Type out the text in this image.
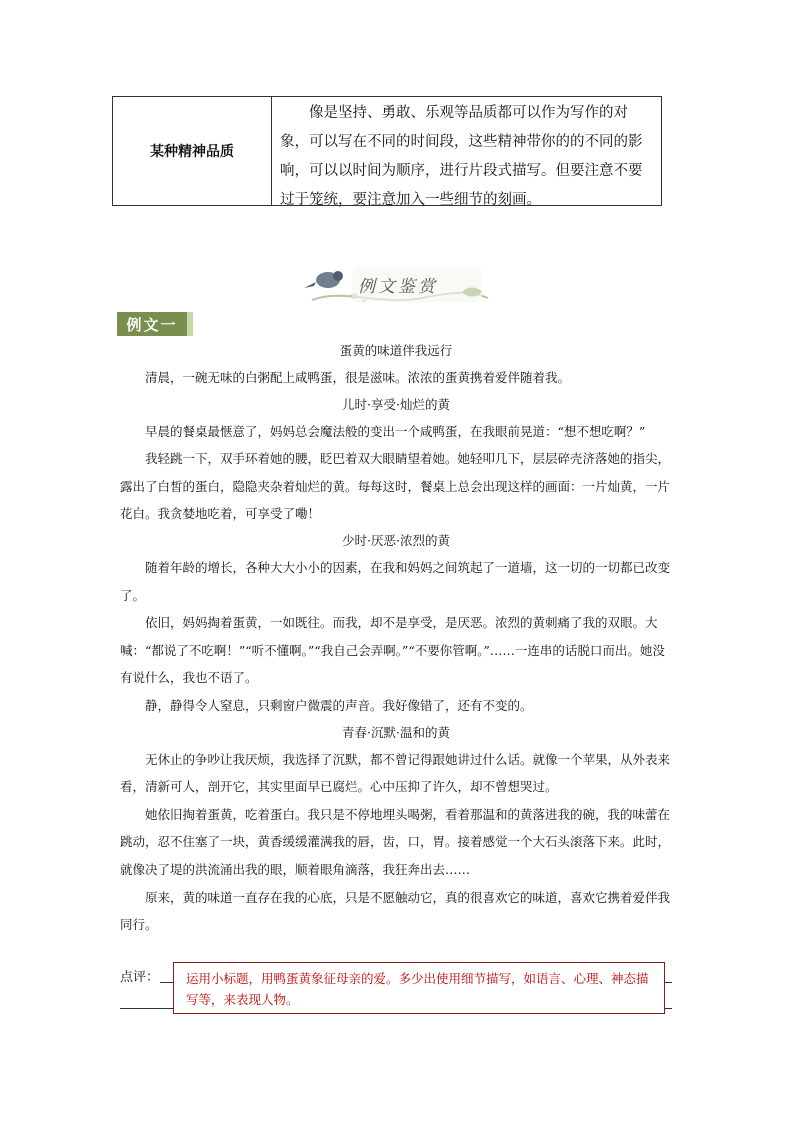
某种精神品质
像是坚持、勇敢、乐观等品质都可以作为写作的对象，可以写在不同的时间段，这些精神带你的的不同的影响，可以以时间为顺序，进行片段式描写。但要注意不要过于笼统，要注意加入一些细节的刻画。
例文鉴赏
例文一
蛋黄的味道伴我远行

清晨，一碗无味的白粥配上咸鸭蛋，很是滋味。浓浓的蛋黄携着爱伴随着我。

儿时·享受·灿烂的黄

早晨的餐桌最惬意了，妈妈总会魔法般的变出一个咸鸭蛋，在我眼前晃道：“想不想吃啊？”

我轻跳一下，双手环着她的腰，眨巴着双大眼睛望着她。她轻叩几下，层层碎壳济落她的指尖，露出了白皙的蛋白，隐隐夹杂着灿烂的黄。每每这时，餐桌上总会出现这样的画面：一片灿黄，一片花白。我贪婪地吃着，可享受了嘞！

少时·厌恶·浓烈的黄

随着年龄的增长，各种大大小小的因素，在我和妈妈之间筑起了一道墙，这一切的一切都已改变了。

依旧，妈妈掏着蛋黄，一如既往。而我，却不是享受，是厌恶。浓烈的黄刺痛了我的双眼。大喊：“都说了不吃啊！”“听不懂啊。”“我自己会弄啊。”“不要你管啊。”……一连串的话脱口而出。她没有说什么，我也不语了。

静，静得令人窒息，只剩窗户微震的声音。我好像错了，还有不变的。

青春·沉默·温和的黄

无休止的争吵让我厌烦，我选择了沉默，都不曾记得跟她讲过什么话。就像一个苹果，从外表来看，清新可人，剖开它，其实里面早已腐烂。心中压抑了许久，却不曾想哭过。

她依旧掏着蛋黄，吃着蛋白。我只是不停地埋头喝粥，看着那温和的黄落进我的碗，我的味蕾在跳动，忍不住塞了一块，黄香缓缓灌满我的唇，齿，口，胃。接着感觉一个大石头滚落下来。此时，就像决了堤的洪流涌出我的眼，顺着眼角滴落，我狂奔出去……

原来，黄的味道一直存在我的心底，只是不愿触动它，真的很喜欢它的味道，喜欢它携着爱伴我同行。

点评：	运用小标题，用鸭蛋黄象征母亲的爱。多少出使用细节描写，如语言、心理、神态描写等，来表现人物。
